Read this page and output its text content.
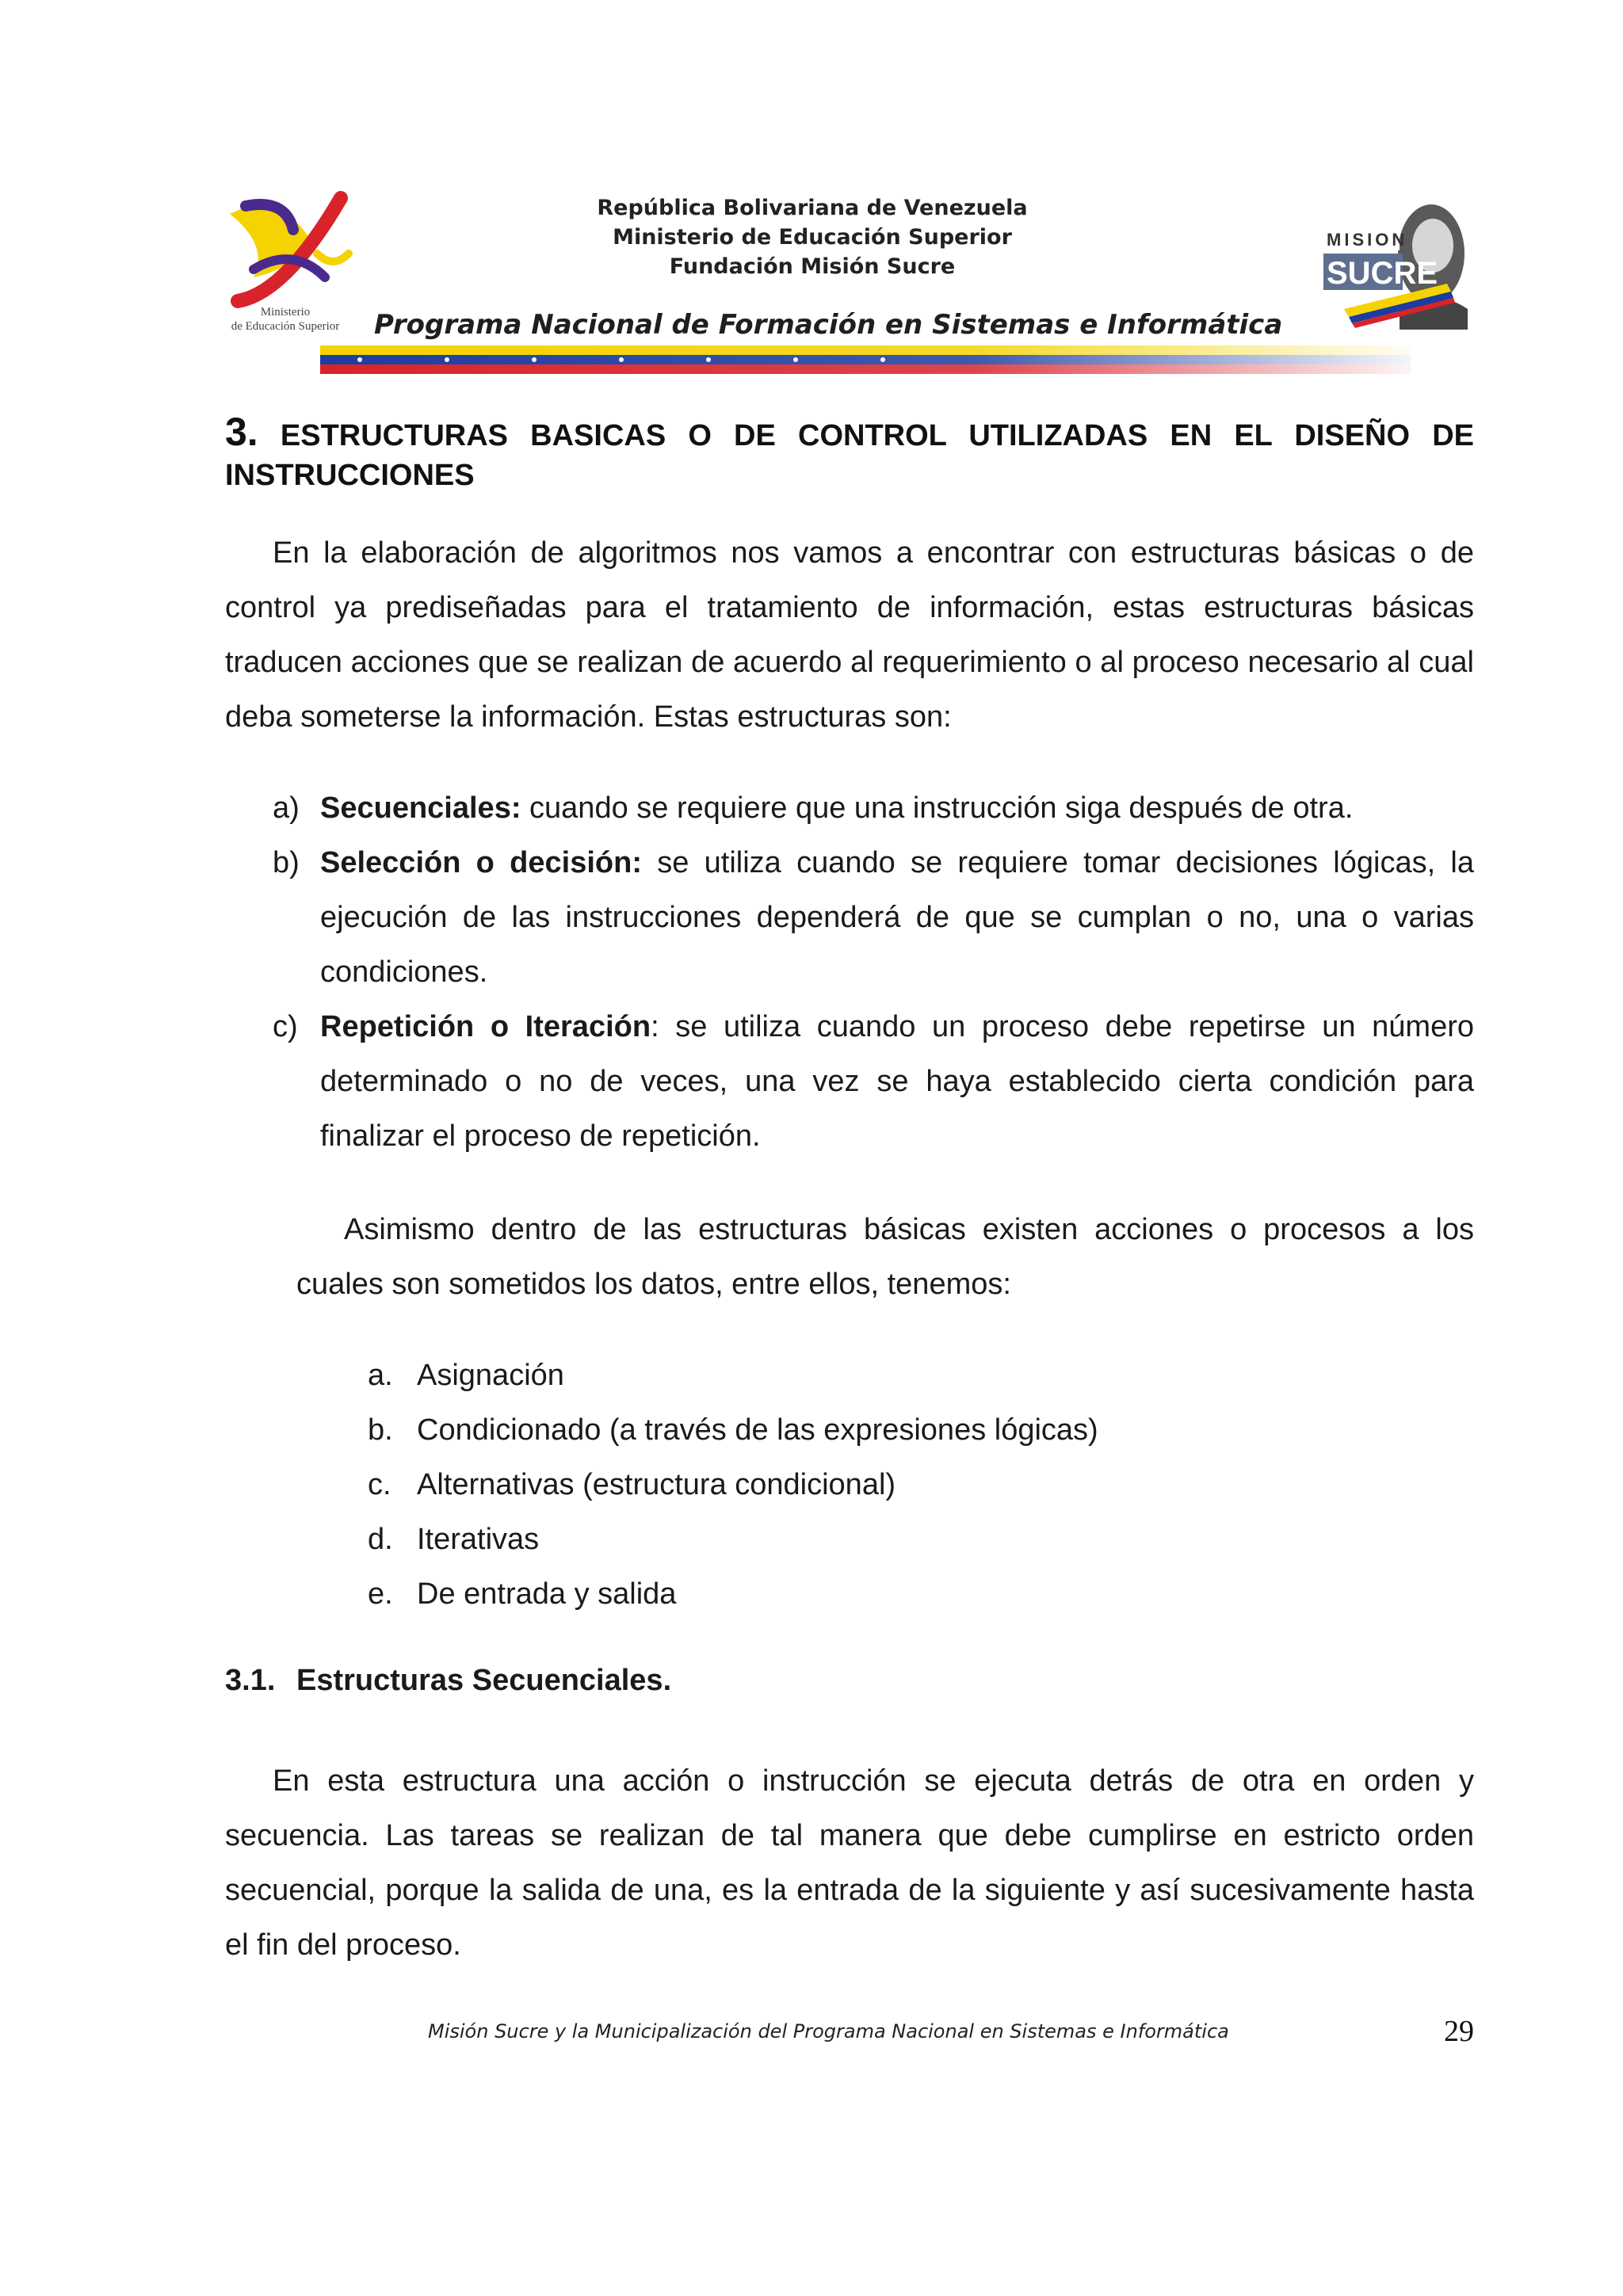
Ministerio
de Educación Superior
República Bolivariana de Venezuela
Ministerio de Educación Superior
Fundación Misión Sucre
Programa Nacional de Formación en Sistemas e Informática
MISION
SUCRE
3. ESTRUCTURAS BASICAS O DE CONTROL UTILIZADAS EN EL DISEÑO DE INSTRUCCIONES
En la elaboración de algoritmos nos vamos a encontrar con estructuras básicas o de control ya prediseñadas para el tratamiento de información, estas estructuras básicas traducen acciones que se realizan de acuerdo al requerimiento o al proceso necesario al cual deba someterse la información. Estas estructuras son:
a) Secuenciales: cuando se requiere que una instrucción siga después de otra.
b) Selección o decisión: se utiliza cuando se requiere tomar decisiones lógicas, la ejecución de las instrucciones dependerá de que se cumplan o no, una o varias condiciones.
c) Repetición o Iteración: se utiliza cuando un proceso debe repetirse un número determinado o no de veces, una vez se haya establecido cierta condición para finalizar el proceso de repetición.
Asimismo dentro de las estructuras básicas existen acciones o procesos a los cuales son sometidos los datos, entre ellos, tenemos:
a. Asignación
b. Condicionado (a través de las expresiones lógicas)
c. Alternativas (estructura condicional)
d. Iterativas
e. De entrada y salida
3.1. Estructuras Secuenciales.
En esta estructura una acción o instrucción se ejecuta detrás de otra en orden y secuencia. Las tareas se realizan de tal manera que debe cumplirse en estricto orden secuencial, porque la salida de una, es la entrada de la siguiente y así sucesivamente hasta el fin del proceso.
Misión Sucre y la Municipalización del Programa Nacional en Sistemas e Informática	29
